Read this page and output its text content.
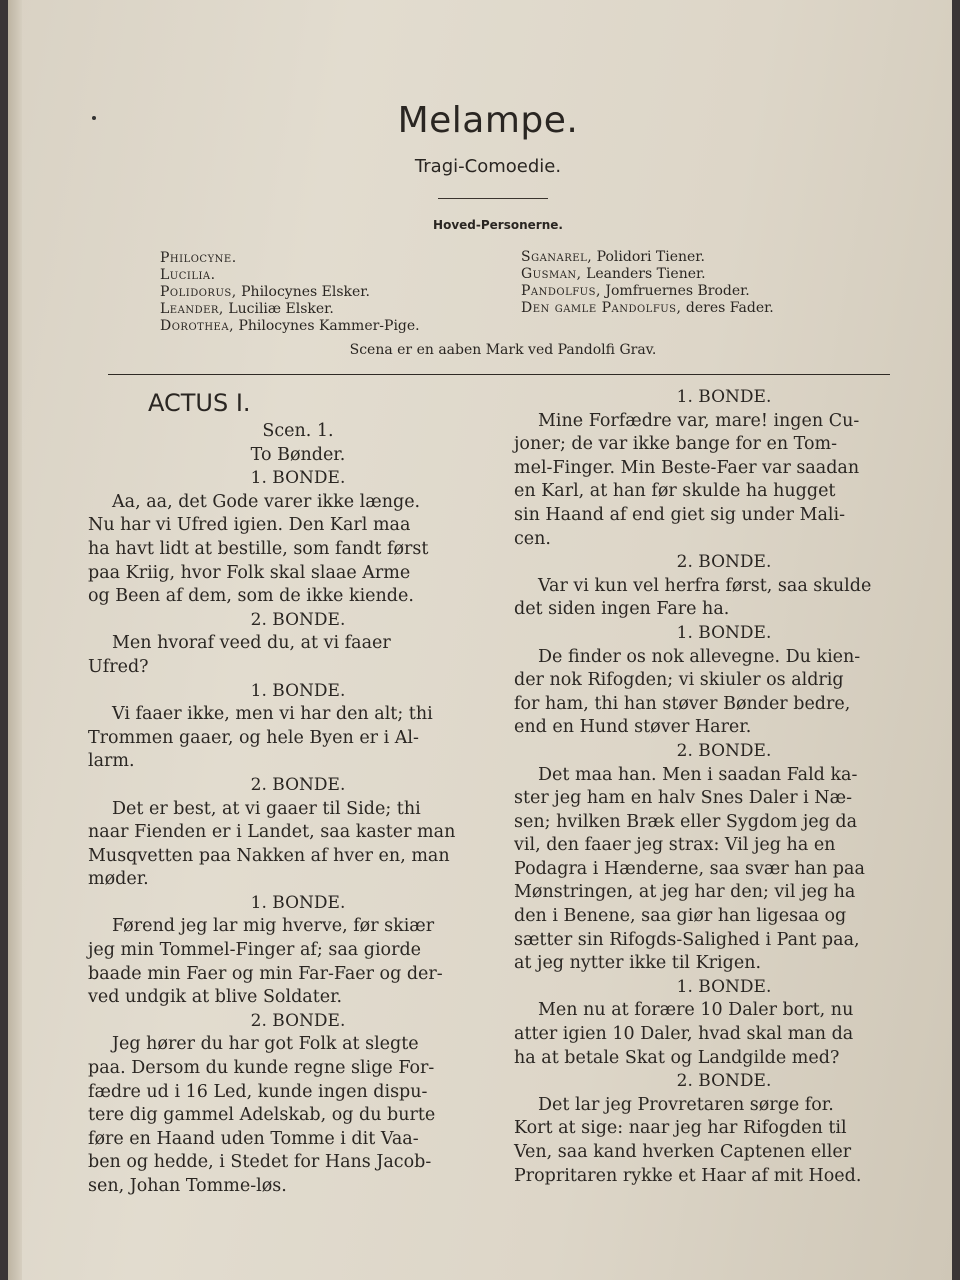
Melampe.
Tragi-Comoedie.
Hoved-Personerne.
Philocyne.
Lucilia.
Polidorus, Philocynes Elsker.
Leander, Luciliæ Elsker.
Dorothea, Philocynes Kammer-Pige.
Sganarel, Polidori Tiener.
Gusman, Leanders Tiener.
Pandolfus, Jomfruernes Broder.
Den gamle Pandolfus, deres Fader.
Scena er en aaben Mark ved Pandolfi Grav.

ACTUS I.

Scen. 1.

To Bønder.

1. BONDE.

Aa, aa, det Gode varer ikke længe.

Nu har vi Ufred igien. Den Karl maa

ha havt lidt at bestille, som fandt først

paa Kriig, hvor Folk skal slaae Arme

og Been af dem, som de ikke kiende.

2. BONDE.

Men hvoraf veed du, at vi faaer

Ufred?

1. BONDE.

Vi faaer ikke, men vi har den alt; thi

Trommen gaaer, og hele Byen er i Al-

larm.

2. BONDE.

Det er best, at vi gaaer til Side; thi

naar Fienden er i Landet, saa kaster man

Musqvetten paa Nakken af hver en, man

møder.

1. BONDE.

Førend jeg lar mig hverve, før skiær

jeg min Tommel-Finger af; saa giorde

baade min Faer og min Far-Faer og der-

ved undgik at blive Soldater.

2. BONDE.

Jeg hører du har got Folk at slegte

paa. Dersom du kunde regne slige For-

fædre ud i 16 Led, kunde ingen dispu-

tere dig gammel Adelskab, og du burte

føre en Haand uden Tomme i dit Vaa-

ben og hedde, i Stedet for Hans Jacob-

sen, Johan Tomme-løs.

1. BONDE.

Mine Forfædre var, mare! ingen Cu-

joner; de var ikke bange for en Tom-

mel-Finger. Min Beste-Faer var saadan

en Karl, at han før skulde ha hugget

sin Haand af end giet sig under Mali-

cen.

2. BONDE.

Var vi kun vel herfra først, saa skulde

det siden ingen Fare ha.

1. BONDE.

De finder os nok allevegne. Du kien-

der nok Rifogden; vi skiuler os aldrig

for ham, thi han støver Bønder bedre,

end en Hund støver Harer.

2. BONDE.

Det maa han. Men i saadan Fald ka-

ster jeg ham en halv Snes Daler i Næ-

sen; hvilken Bræk eller Sygdom jeg da

vil, den faaer jeg strax: Vil jeg ha en

Podagra i Hænderne, saa svær han paa

Mønstringen, at jeg har den; vil jeg ha

den i Benene, saa giør han ligesaa og

sætter sin Rifogds-Salighed i Pant paa,

at jeg nytter ikke til Krigen.

1. BONDE.

Men nu at forære 10 Daler bort, nu

atter igien 10 Daler, hvad skal man da

ha at betale Skat og Landgilde med?

2. BONDE.

Det lar jeg Provretaren sørge for.

Kort at sige: naar jeg har Rifogden til

Ven, saa kand hverken Captenen eller

Propritaren rykke et Haar af mit Hoed.
